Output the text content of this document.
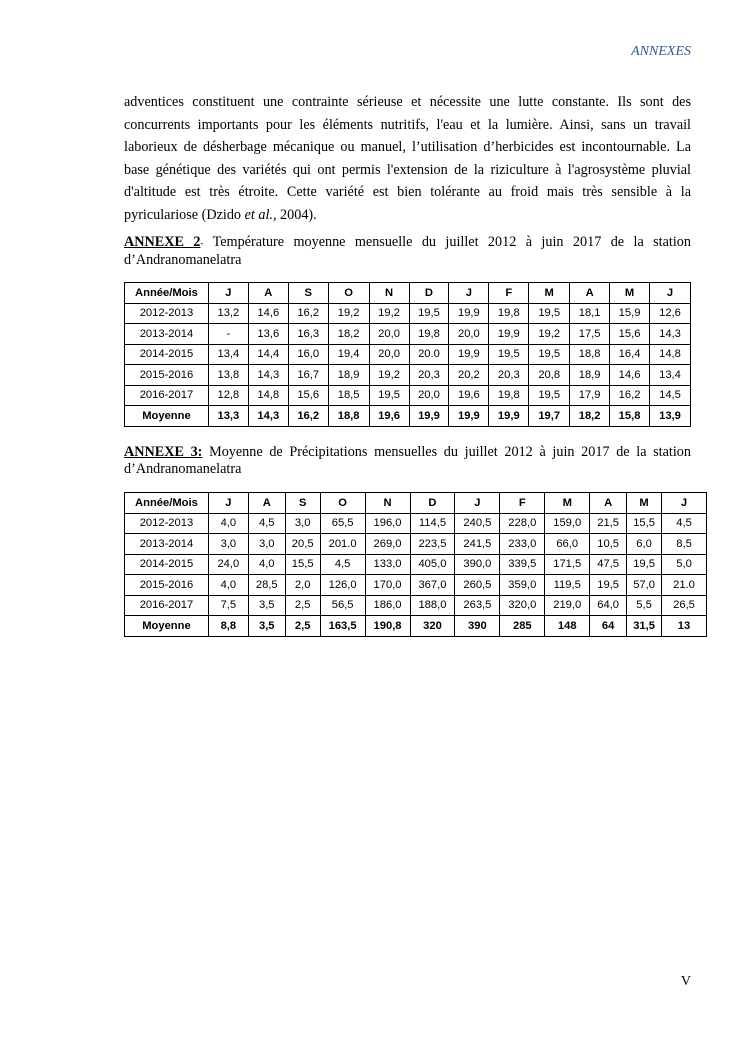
ANNEXES

adventices constituent une contrainte sérieuse et nécessite une lutte constante. Ils sont des concurrents importants pour les éléments nutritifs, l'eau et la lumière. Ainsi, sans un travail laborieux de désherbage mécanique ou manuel, l’utilisation d’herbicides est incontournable. La base génétique des variétés qui ont permis l'extension de la riziculture à l'agrosystème pluvial d'altitude est très étroite. Cette variété est bien tolérante au froid mais très sensible à la pyriculariose (Dzido et al., 2004).

ANNEXE 2- Température moyenne mensuelle du juillet 2012 à juin 2017 de la station d’Andranomanelatra

Année/Mois	J	A	S	O	N	D	J	F	M	A	M	J
2012-2013	13,2	14,6	16,2	19,2	19,2	19,5	19,9	19,8	19,5	18,1	15,9	12,6
2013-2014	-	13,6	16,3	18,2	20,0	19,8	20,0	19,9	19,2	17,5	15,6	14,3
2014-2015	13,4	14,4	16,0	19,4	20,0	20.0	19,9	19,5	19,5	18,8	16,4	14,8
2015-2016	13,8	14,3	16,7	18,9	19,2	20,3	20,2	20,3	20,8	18,9	14,6	13,4
2016-2017	12,8	14,8	15,6	18,5	19,5	20,0	19,6	19,8	19,5	17,9	16,2	14,5
Moyenne	13,3	14,3	16,2	18,8	19,6	19,9	19,9	19,9	19,7	18,2	15,8	13,9

ANNEXE 3: Moyenne de Précipitations mensuelles du juillet 2012 à juin 2017 de la station d’Andranomanelatra

Année/Mois	J	A	S	O	N	D	J	F	M	A	M	J
2012-2013	4,0	4,5	3,0	65,5	196,0	114,5	240,5	228,0	159,0	21,5	15,5	4,5
2013-2014	3,0	3,0	20,5	201.0	269,0	223,5	241,5	233,0	66,0	10,5	6,0	8,5
2014-2015	24,0	4,0	15,5	4,5	133,0	405,0	390,0	339,5	171,5	47,5	19,5	5,0
2015-2016	4,0	28,5	2,0	126,0	170,0	367,0	260,5	359,0	119,5	19,5	57,0	21.0
2016-2017	7,5	3,5	2,5	56,5	186,0	188,0	263,5	320,0	219,0	64,0	5,5	26,5
Moyenne	8,8	3,5	2,5	163,5	190,8	320	390	285	148	64	31,5	13
V
